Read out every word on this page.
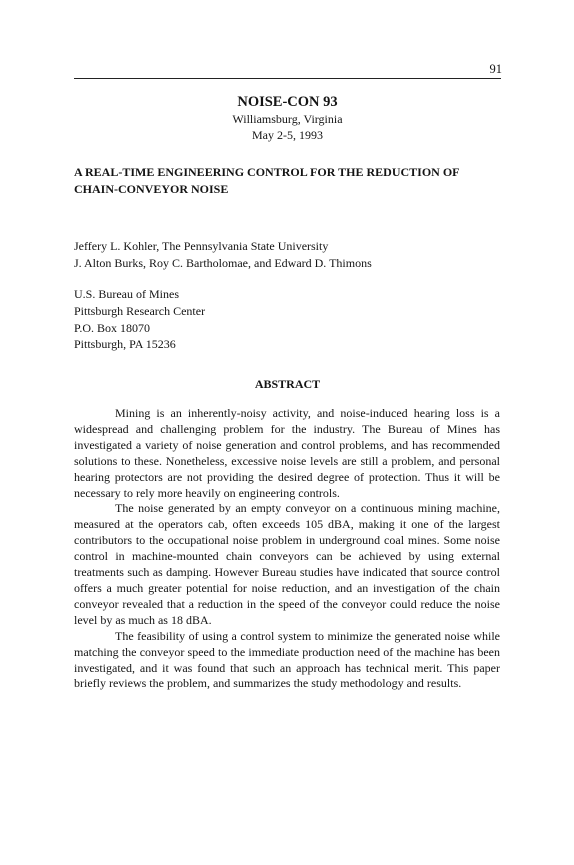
91
NOISE-CON 93
Williamsburg, Virginia
May 2-5, 1993
A REAL-TIME ENGINEERING CONTROL FOR THE REDUCTION OF
CHAIN-CONVEYOR NOISE
Jeffery L. Kohler, The Pennsylvania State University
J. Alton Burks, Roy C. Bartholomae, and Edward D. Thimons
U.S. Bureau of Mines
Pittsburgh Research Center
P.O. Box 18070
Pittsburgh, PA 15236
ABSTRACT

Mining is an inherently-noisy activity, and noise-induced hearing loss is a widespread and challenging problem for the industry. The Bureau of Mines has investigated a variety of noise generation and control problems, and has recommended solutions to these. Nonetheless, excessive noise levels are still a problem, and personal hearing protectors are not providing the desired degree of protection. Thus it will be necessary to rely more heavily on engineering controls.

The noise generated by an empty conveyor on a continuous mining machine, measured at the operators cab, often exceeds 105 dBA, making it one of the largest contributors to the occupational noise problem in underground coal mines. Some noise control in machine-mounted chain conveyors can be achieved by using external treatments such as damping. However Bureau studies have indicated that source control offers a much greater potential for noise reduction, and an investigation of the chain conveyor revealed that a reduction in the speed of the conveyor could reduce the noise level by as much as 18 dBA.

The feasibility of using a control system to minimize the generated noise while matching the conveyor speed to the immediate production need of the machine has been investigated, and it was found that such an approach has technical merit. This paper briefly reviews the problem, and summarizes the study methodology and results.
